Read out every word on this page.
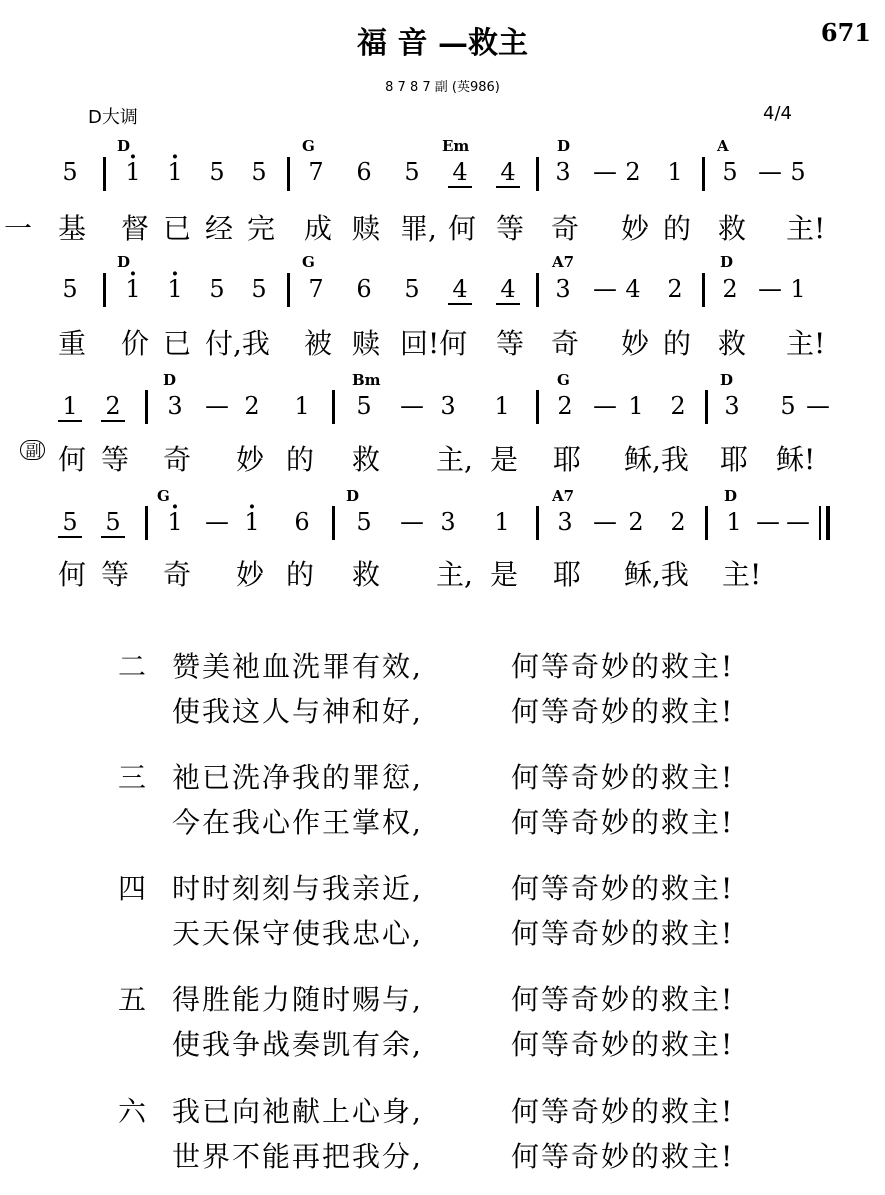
福 音 —救主	671
8 7 8 7 副 (英986)
D大调	4/4
D	G	Em	D	A
5 · 1 · 1 5 5 7 6 5 4 4 3 — 2 1 5 — 5
一 基 督 已 经 完 成 赎 罪, 何 等 奇 妙 的 救 主!
D	G	A7	D
5 · 1 · 1 5 5 7 6 5 4 4 3 — 4 2 2 — 1
重 价 已 付,我 被 赎 回!何 等 奇 妙 的 救 主!
D	Bm	G	D
1 2 3 — 2 1 5 — 3 1 2 — 1 2 3 5 —
副 何 等 奇 妙 的 救 主, 是 耶 稣,我 耶 稣!
G	D	A7	D
5 5 · 1 — · 1 6 5 — 3 1 3 — 2 2 1 — —
何 等 奇 妙 的 救 主, 是 耶 稣,我 主!
二 赞美祂血洗罪有效,	何等奇妙的救主!
使我这人与神和好,	何等奇妙的救主!
三 祂已洗净我的罪愆,	何等奇妙的救主!
今在我心作王掌权,	何等奇妙的救主!
四 时时刻刻与我亲近,	何等奇妙的救主!
天天保守使我忠心,	何等奇妙的救主!
五 得胜能力随时赐与,	何等奇妙的救主!
使我争战奏凯有余,	何等奇妙的救主!
六 我已向祂献上心身,	何等奇妙的救主!
世界不能再把我分,	何等奇妙的救主!
